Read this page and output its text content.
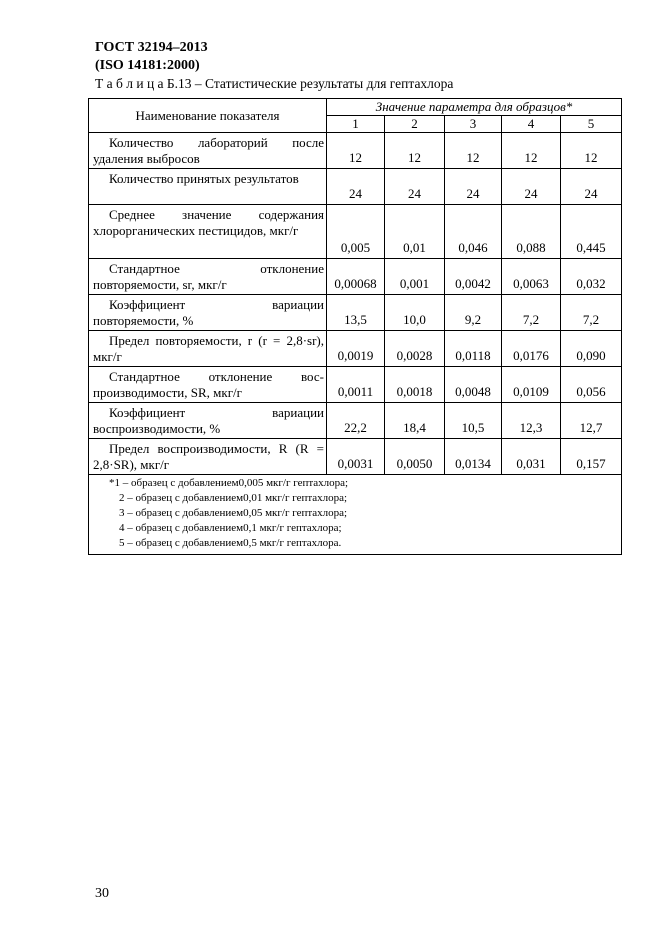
ГОСТ 32194–2013
(ISO 14181:2000)
Т а б л и ц а Б.13 – Статистические результаты для гептахлора
Наименование показателя	Значение параметра для образцов*				
	1	2	3	4	5
Количество лабораторий после удаления выбросов	12	12	12	12	12
Количество принятых результатов	24	24	24	24	24
Среднее значение содержания хлорорганических пестицидов, мкг/г	0,005	0,01	0,046	0,088	0,445
Стандартное отклонение повторяемости, sr, мкг/г	0,00068	0,001	0,0042	0,0063	0,032
Коэффициент вариации повторяемости, %	13,5	10,0	9,2	7,2	7,2
Предел повторяемости, r (r = 2,8·sr), мкг/г	0,0019	0,0028	0,0118	0,0176	0,090
Стандартное отклонение воспроизводимости, SR, мкг/г	0,0011	0,0018	0,0048	0,0109	0,056
Коэффициент вариации воспроизводимости, %	22,2	18,4	10,5	12,3	12,7
Предел воспроизводимости, R (R = 2,8·SR), мкг/г	0,0031	0,0050	0,0134	0,031	0,157

*1 – образец с добавлением0,005 мкг/г гептахлора;
2 – образец с добавлением0,01 мкг/г гептахлора;
3 – образец с добавлением0,05 мкг/г гептахлора;
4 – образец с добавлением0,1 мкг/г гептахлора;
5 – образец с добавлением0,5 мкг/г гептахлора.					
30
